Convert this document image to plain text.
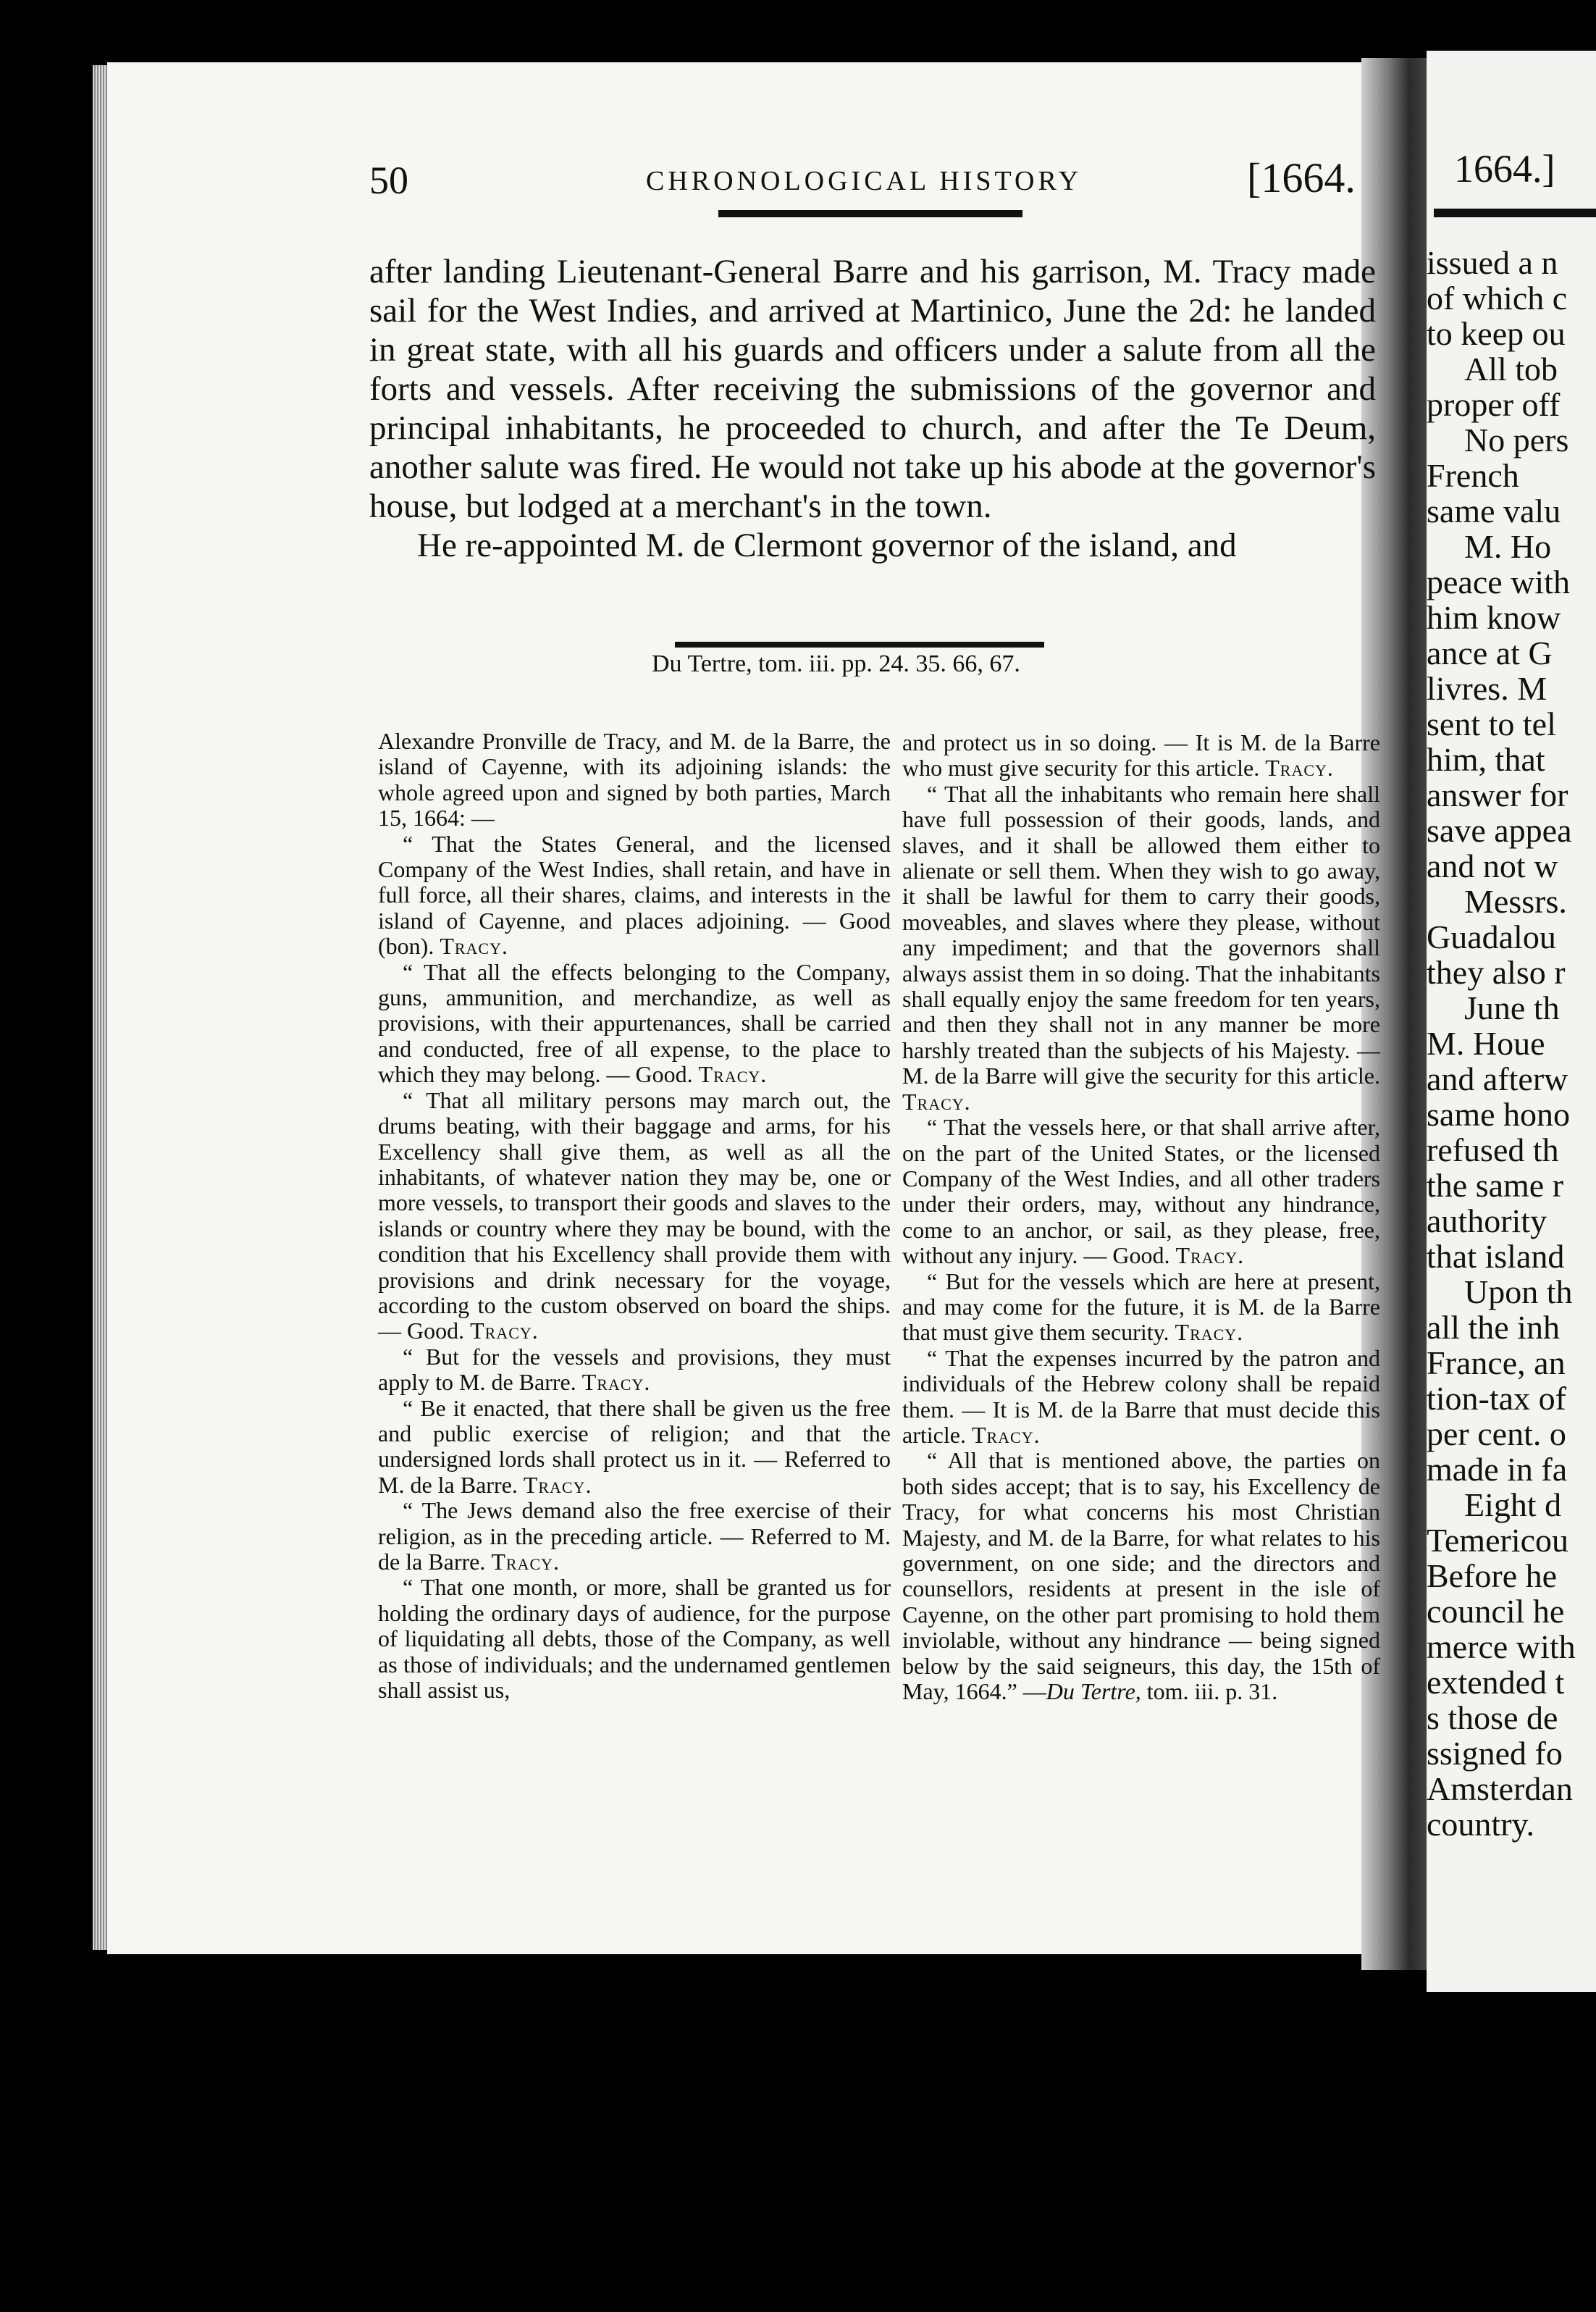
1664.]
issued a n
of which c
to keep ou
All tob
proper off
No pers
French
same valu
M. Ho
peace with
him know
ance at G
livres. M
sent to tel
him, that
answer for
save appea
and not w
Messrs.
Guadalou
they also r
June th
M. Houe
and afterw
same hono
refused th
the same r
authority
that island
Upon th
all the inh
France, an
tion-tax of
per cent. o
made in fa
Eight d
Temericou
Before he
council he
merce with
extended t
s those de
ssigned fo
Amsterdan
country.
50	CHRONOLOGICAL HISTORY	[1664.

after landing Lieutenant-General Barre and his garrison, M. Tracy made sail for the West Indies, and arrived at Martinico, June the 2d: he landed in great state, with all his guards and officers under a salute from all the forts and vessels. After receiving the submissions of the governor and principal inhabitants, he proceeded to church, and after the Te Deum, another salute was fired. He would not take up his abode at the governor's house, but lodged at a merchant's in the town.

He re-appointed M. de Clermont governor of the island, and

Du Tertre, tom. iii. pp. 24. 35. 66, 67.

Alexandre Pronville de Tracy, and M. de la Barre, the island of Cayenne, with its adjoining islands: the whole agreed upon and signed by both parties, March 15, 1664: —

“ That the States General, and the licensed Company of the West Indies, shall retain, and have in full force, all their shares, claims, and interests in the island of Cayenne, and places adjoining. — Good (bon). Tracy.

“ That all the effects belonging to the Company, guns, ammunition, and merchandize, as well as provisions, with their appurtenances, shall be carried and conducted, free of all expense, to the place to which they may belong. — Good. Tracy.

“ That all military persons may march out, the drums beating, with their baggage and arms, for his Excellency shall give them, as well as all the inhabitants, of whatever nation they may be, one or more vessels, to transport their goods and slaves to the islands or country where they may be bound, with the condition that his Excellency shall provide them with provisions and drink necessary for the voyage, according to the custom observed on board the ships. — Good. Tracy.

“ But for the vessels and provisions, they must apply to M. de Barre. Tracy.

“ Be it enacted, that there shall be given us the free and public exercise of religion; and that the undersigned lords shall protect us in it. — Referred to M. de la Barre. Tracy.

“ The Jews demand also the free exercise of their religion, as in the preceding article. — Referred to M. de la Barre. Tracy.

“ That one month, or more, shall be granted us for holding the ordinary days of audience, for the purpose of liquidating all debts, those of the Company, as well as those of individuals; and the undernamed gentlemen shall assist us,

and protect us in so doing. — It is M. de la Barre who must give security for this article. Tracy.

“ That all the inhabitants who remain here shall have full possession of their goods, lands, and slaves, and it shall be allowed them either to alienate or sell them. When they wish to go away, it shall be lawful for them to carry their goods, moveables, and slaves where they please, without any impediment; and that the governors shall always assist them in so doing. That the inhabitants shall equally enjoy the same freedom for ten years, and then they shall not in any manner be more harshly treated than the subjects of his Majesty. — M. de la Barre will give the security for this article. Tracy.

“ That the vessels here, or that shall arrive after, on the part of the United States, or the licensed Company of the West Indies, and all other traders under their orders, may, without any hindrance, come to an anchor, or sail, as they please, free, without any injury. — Good. Tracy.

“ But for the vessels which are here at present, and may come for the future, it is M. de la Barre that must give them security. Tracy.

“ That the expenses incurred by the patron and individuals of the Hebrew colony shall be repaid them. — It is M. de la Barre that must decide this article. Tracy.

“ All that is mentioned above, the parties on both sides accept; that is to say, his Excellency de Tracy, for what concerns his most Christian Majesty, and M. de la Barre, for what relates to his government, on one side; and the directors and counsellors, residents at present in the isle of Cayenne, on the other part promising to hold them inviolable, without any hindrance — being signed below by the said seigneurs, this day, the 15th of May, 1664.” —Du Tertre, tom. iii. p. 31.
